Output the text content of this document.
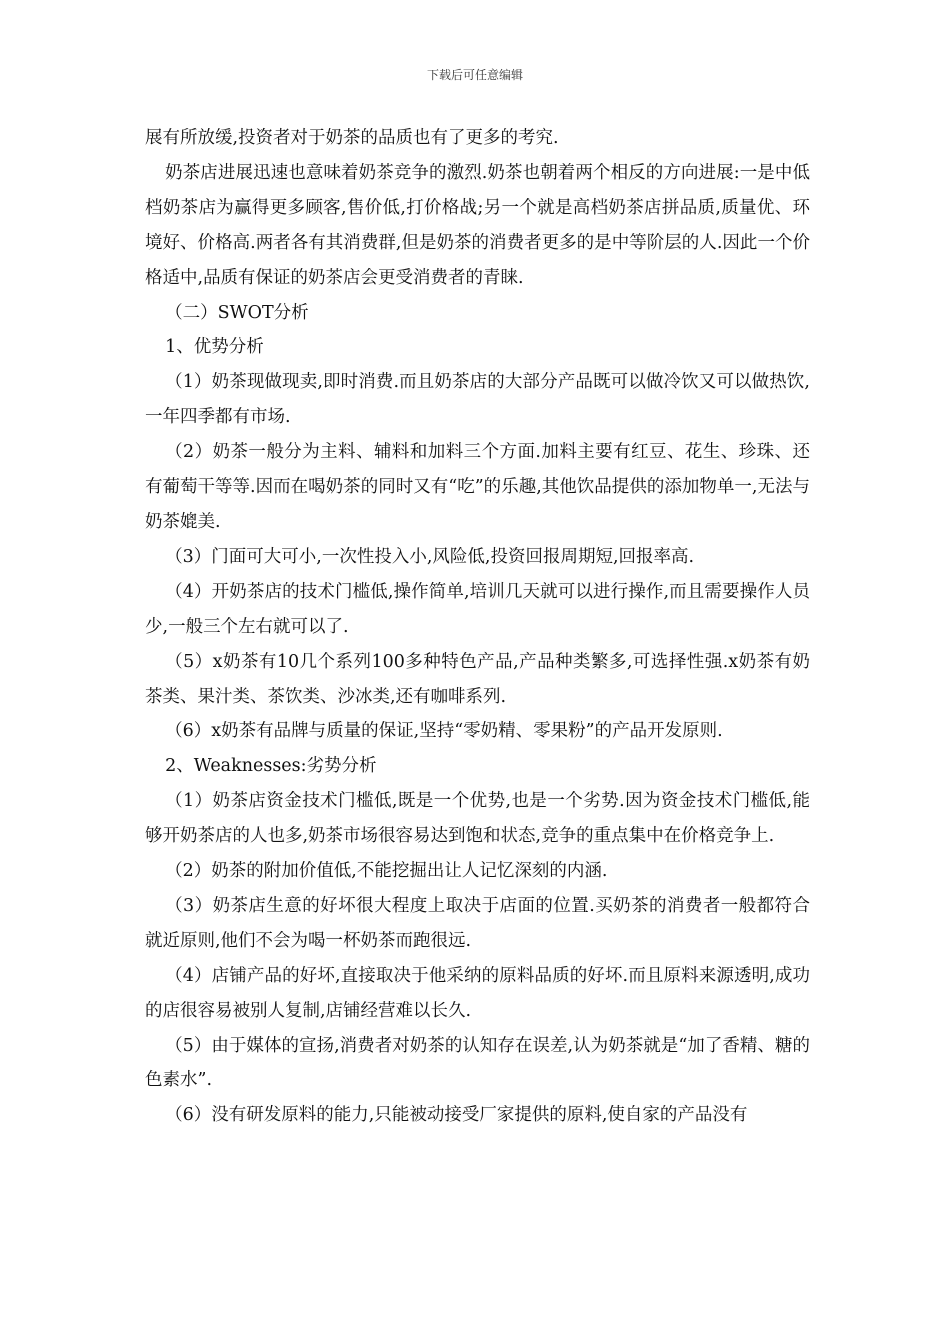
下载后可任意编辑

展有所放缓,投资者对于奶茶的品质也有了更多的考究.

奶茶店进展迅速也意味着奶茶竞争的激烈.奶茶也朝着两个相反的方向进展:一是中低档奶茶店为赢得更多顾客,售价低,打价格战;另一个就是高档奶茶店拼品质,质量优、环境好、价格高.两者各有其消费群,但是奶茶的消费者更多的是中等阶层的人.因此一个价格适中,品质有保证的奶茶店会更受消费者的青睐.

（二）SWOT分析

1、优势分析

（1）奶茶现做现卖,即时消费.而且奶茶店的大部分产品既可以做冷饮又可以做热饮,一年四季都有市场.

（2）奶茶一般分为主料、辅料和加料三个方面.加料主要有红豆、花生、珍珠、还有葡萄干等等.因而在喝奶茶的同时又有“吃”的乐趣,其他饮品提供的添加物单一,无法与奶茶媲美.

（3）门面可大可小,一次性投入小,风险低,投资回报周期短,回报率高.

（4）开奶茶店的技术门槛低,操作简单,培训几天就可以进行操作,而且需要操作人员少,一般三个左右就可以了.

（5）x奶茶有10几个系列100多种特色产品,产品种类繁多,可选择性强.x奶茶有奶茶类、果汁类、茶饮类、沙冰类,还有咖啡系列.

（6）x奶茶有品牌与质量的保证,坚持“零奶精、零果粉”的产品开发原则.

2、Weaknesses:劣势分析

（1）奶茶店资金技术门槛低,既是一个优势,也是一个劣势.因为资金技术门槛低,能够开奶茶店的人也多,奶茶市场很容易达到饱和状态,竞争的重点集中在价格竞争上.

（2）奶茶的附加价值低,不能挖掘出让人记忆深刻的内涵.

（3）奶茶店生意的好坏很大程度上取决于店面的位置.买奶茶的消费者一般都符合就近原则,他们不会为喝一杯奶茶而跑很远.

（4）店铺产品的好坏,直接取决于他采纳的原料品质的好坏.而且原料来源透明,成功的店很容易被别人复制,店铺经营难以长久.

（5）由于媒体的宣扬,消费者对奶茶的认知存在误差,认为奶茶就是“加了香精、糖的色素水”.

（6）没有研发原料的能力,只能被动接受厂家提供的原料,使自家的产品没有
